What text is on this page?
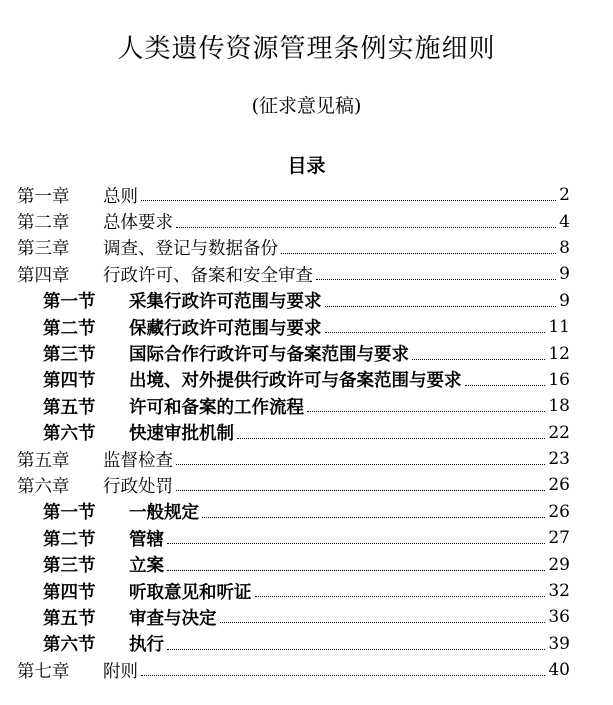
人类遗传资源管理条例实施细则
(征求意见稿)
目录
第一章	总则	2
第二章	总体要求	4
第三章	调查、登记与数据备份	8
第四章	行政许可、备案和安全审查	9
第一节	采集行政许可范围与要求	9
第二节	保藏行政许可范围与要求	11
第三节	国际合作行政许可与备案范围与要求	12
第四节	出境、对外提供行政许可与备案范围与要求	16
第五节	许可和备案的工作流程	18
第六节	快速审批机制	22
第五章	监督检查	23
第六章	行政处罚	26
第一节	一般规定	26
第二节	管辖	27
第三节	立案	29
第四节	听取意见和听证	32
第五节	审查与决定	36
第六节	执行	39
第七章	附则	40
